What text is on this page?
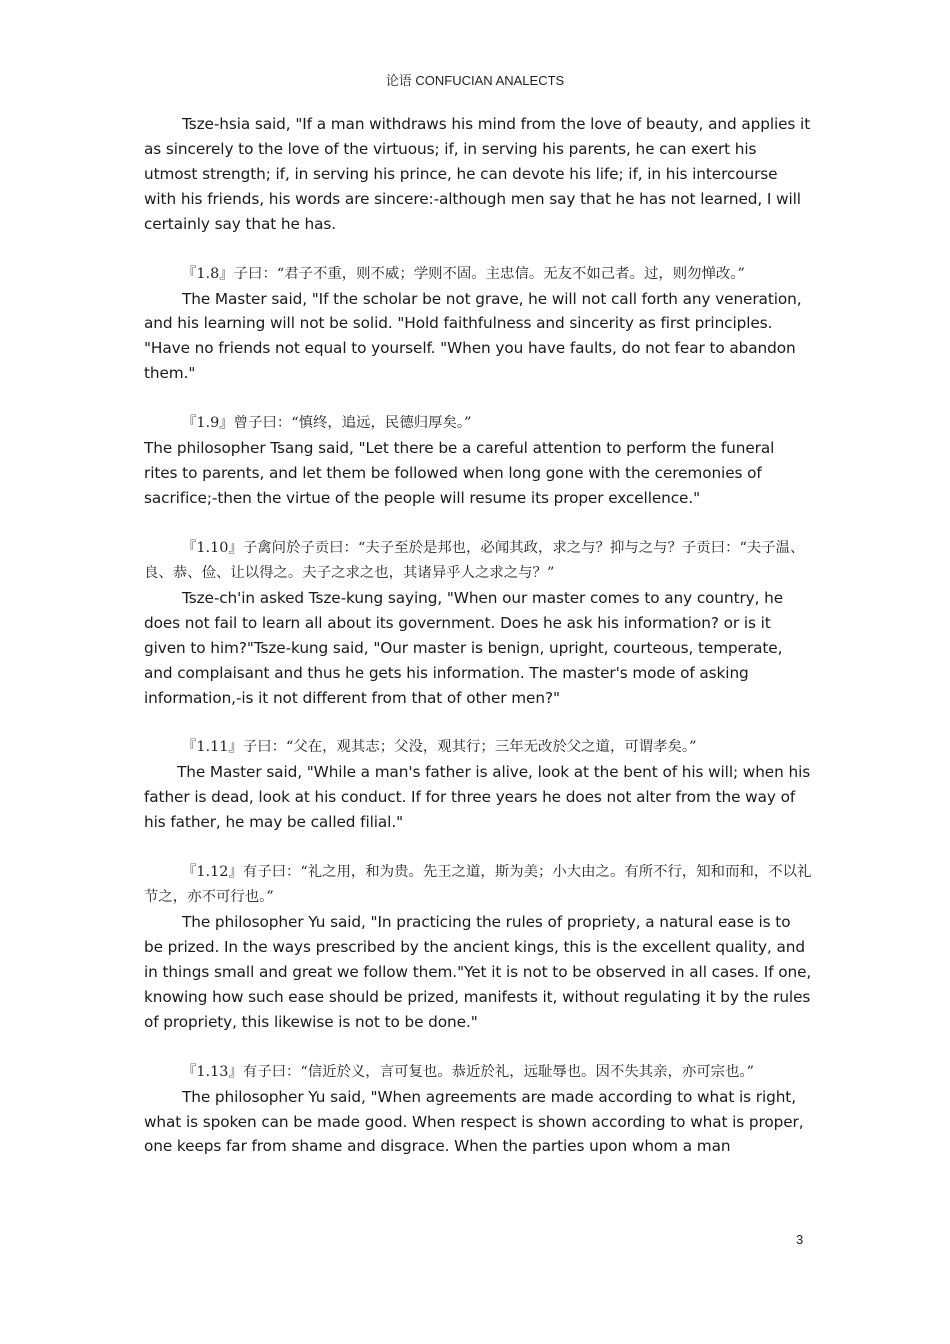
论语 CONFUCIAN ANALECTS

Tsze-hsia said, "If a man withdraws his mind from the love of beauty, and applies it as sincerely to the love of the virtuous; if, in serving his parents, he can exert his utmost strength; if, in serving his prince, he can devote his life; if, in his intercourse with his friends, his words are sincere:-although men say that he has not learned, I will certainly say that he has.

『1.8』子曰：“君子不重，则不威；学则不固。主忠信。无友不如己者。过，则勿惮改。”

The Master said, "If the scholar be not grave, he will not call forth any veneration, and his learning will not be solid. "Hold faithfulness and sincerity as first principles. "Have no friends not equal to yourself. "When you have faults, do not fear to abandon them."

『1.9』曾子曰：“慎终，追远，民德归厚矣。”

The philosopher Tsang said, "Let there be a careful attention to perform the funeral rites to parents, and let them be followed when long gone with the ceremonies of sacrifice;-then the virtue of the people will resume its proper excellence."

『1.10』子禽问於子贡曰：“夫子至於是邦也，必闻其政，求之与？抑与之与？子贡曰：“夫子温、良、恭、俭、让以得之。夫子之求之也，其诸异乎人之求之与？”

Tsze-ch'in asked Tsze-kung saying, "When our master comes to any country, he does not fail to learn all about its government. Does he ask his information? or is it given to him?"Tsze-kung said, "Our master is benign, upright, courteous, temperate, and complaisant and thus he gets his information. The master's mode of asking information,-is it not different from that of other men?"

『1.11』子曰：“父在，观其志；父没，观其行；三年无改於父之道，可谓孝矣。”

The Master said, "While a man's father is alive, look at the bent of his will; when his father is dead, look at his conduct. If for three years he does not alter from the way of his father, he may be called filial."

『1.12』有子曰：“礼之用，和为贵。先王之道，斯为美；小大由之。有所不行，知和而和，不以礼节之，亦不可行也。”

The philosopher Yu said, "In practicing the rules of propriety, a natural ease is to be prized. In the ways prescribed by the ancient kings, this is the excellent quality, and in things small and great we follow them."Yet it is not to be observed in all cases. If one, knowing how such ease should be prized, manifests it, without regulating it by the rules of propriety, this likewise is not to be done."

『1.13』有子曰：“信近於义，言可复也。恭近於礼，远耻辱也。因不失其亲，亦可宗也。”

The philosopher Yu said, "When agreements are made according to what is right, what is spoken can be made good. When respect is shown according to what is proper, one keeps far from shame and disgrace. When the parties upon whom a man

3
